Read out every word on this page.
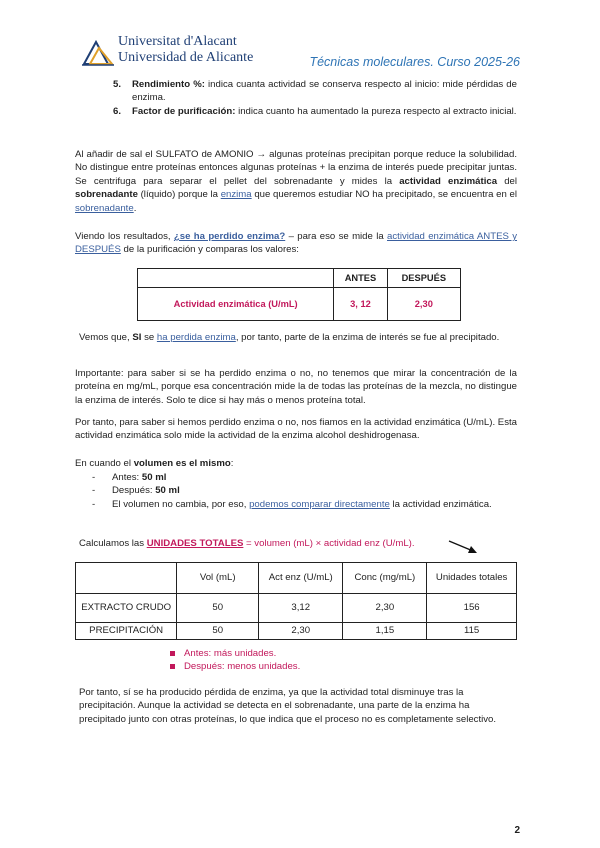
Universitat d'Alacant
Universidad de Alicante	Técnicas moleculares. Curso 2025-26
5. Rendimiento %: indica cuanta actividad se conserva respecto al inicio: mide pérdidas de enzima.
6. Factor de purificación: indica cuanto ha aumentado la pureza respecto al extracto inicial.

Al añadir de sal el SULFATO de AMONIO → algunas proteínas precipitan porque reduce la solubilidad. No distingue entre proteínas entonces algunas proteínas + la enzima de interés puede precipitar juntas. Se centrifuga para separar el pellet del sobrenadante y mides la actividad enzimática del sobrenadante (líquido) porque la enzima que queremos estudiar NO ha precipitado, se encuentra en el sobrenadante.

Viendo los resultados, ¿se ha perdido enzima? – para eso se mide la actividad enzimática ANTES y DESPUÉS de la purificación y comparas los valores:

	ANTES	DESPUÉS
Actividad enzimática (U/mL)	3, 12	2,30

Vemos que, SI se ha perdida enzima, por tanto, parte de la enzima de interés se fue al precipitado.

Importante: para saber si se ha perdido enzima o no, no tenemos que mirar la concentración de la proteína en mg/mL, porque esa concentración mide la de todas las proteínas de la mezcla, no distingue la enzima de interés. Solo te dice si hay más o menos proteína total.

Por tanto, para saber si hemos perdido enzima o no, nos fiamos en la actividad enzimática (U/mL). Esta actividad enzimática solo mide la actividad de la enzima alcohol deshidrogenasa.

En cuando el volumen es el mismo:

- Antes: 50 ml
- Después: 50 ml
- El volumen no cambia, por eso, podemos comparar directamente la actividad enzimática.

Calculamos las UNIDADES TOTALES = volumen (mL) × actividad enz (U/mL).

	Vol (mL)	Act enz (U/mL)	Conc (mg/mL)	Unidades totales
EXTRACTO CRUDO	50	3,12	2,30	156
PRECIPITACIÓN	50	2,30	1,15	115
Antes: más unidades.
Después: menos unidades.

Por tanto, sí se ha producido pérdida de enzima, ya que la actividad total disminuye tras la precipitación. Aunque la actividad se detecta en el sobrenadante, una parte de la enzima ha precipitado junto con otras proteínas, lo que indica que el proceso no es completamente selectivo.

2
